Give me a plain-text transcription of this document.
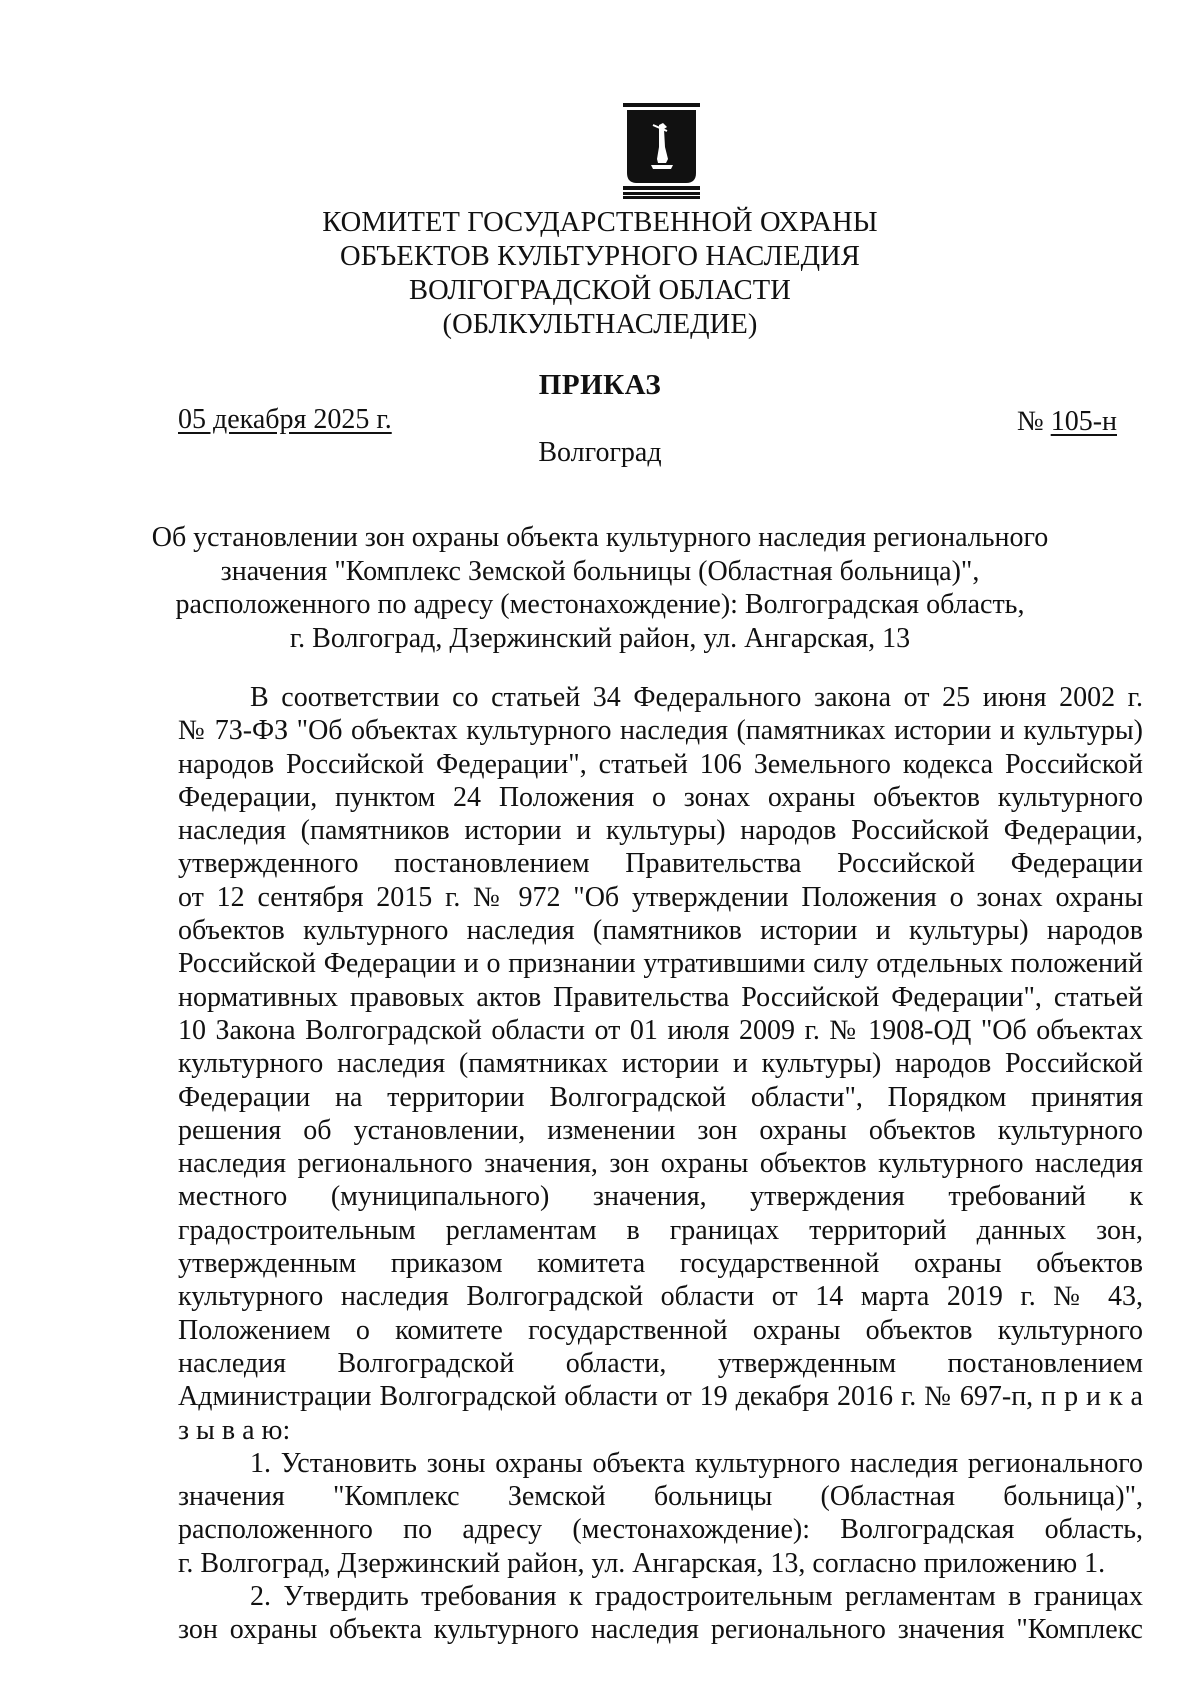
КОМИТЕТ ГОСУДАРСТВЕННОЙ ОХРАНЫ
ОБЪЕКТОВ КУЛЬТУРНОГО НАСЛЕДИЯ
ВОЛГОГРАДСКОЙ ОБЛАСТИ
(ОБЛКУЛЬТНАСЛЕДИЕ)
ПРИКАЗ
05 декабря 2025 г.	№ 105-н
Волгоград
Об установлении зон охраны объекта культурного наследия регионального
значения "Комплекс Земской больницы (Областная больница)",
расположенного по адресу (местонахождение): Волгоградская область,
г. Волгоград, Дзержинский район, ул. Ангарская, 13
В соответствии со статьей 34 Федерального закона от 25 июня 2002 г.
№ 73-ФЗ "Об объектах культурного наследия (памятниках истории и культуры)
народов Российской Федерации", статьей 106 Земельного кодекса Российской
Федерации, пунктом 24 Положения о зонах охраны объектов культурного
наследия (памятников истории и культуры) народов Российской Федерации,
утвержденного постановлением Правительства Российской Федерации
от 12 сентября 2015 г. № 972 "Об утверждении Положения о зонах охраны
объектов культурного наследия (памятников истории и культуры) народов
Российской Федерации и о признании утратившими силу отдельных положений
нормативных правовых актов Правительства Российской Федерации", статьей
10 Закона Волгоградской области от 01 июля 2009 г. № 1908-ОД "Об объектах
культурного наследия (памятниках истории и культуры) народов Российской
Федерации на территории Волгоградской области", Порядком принятия
решения об установлении, изменении зон охраны объектов культурного
наследия регионального значения, зон охраны объектов культурного наследия
местного (муниципального) значения, утверждения требований к
градостроительным регламентам в границах территорий данных зон,
утвержденным приказом комитета государственной охраны объектов
культурного наследия Волгоградской области от 14 марта 2019 г. № 43,
Положением о комитете государственной охраны объектов культурного
наследия Волгоградской области, утвержденным постановлением
Администрации Волгоградской области от 19 декабря 2016 г. № 697-п, п р и к а
з ы в а ю:
1. Установить зоны охраны объекта культурного наследия регионального
значения "Комплекс Земской больницы (Областная больница)",
расположенного по адресу (местонахождение): Волгоградская область,
г. Волгоград, Дзержинский район, ул. Ангарская, 13, согласно приложению 1.
2. Утвердить требования к градостроительным регламентам в границах
зон охраны объекта культурного наследия регионального значения "Комплекс
